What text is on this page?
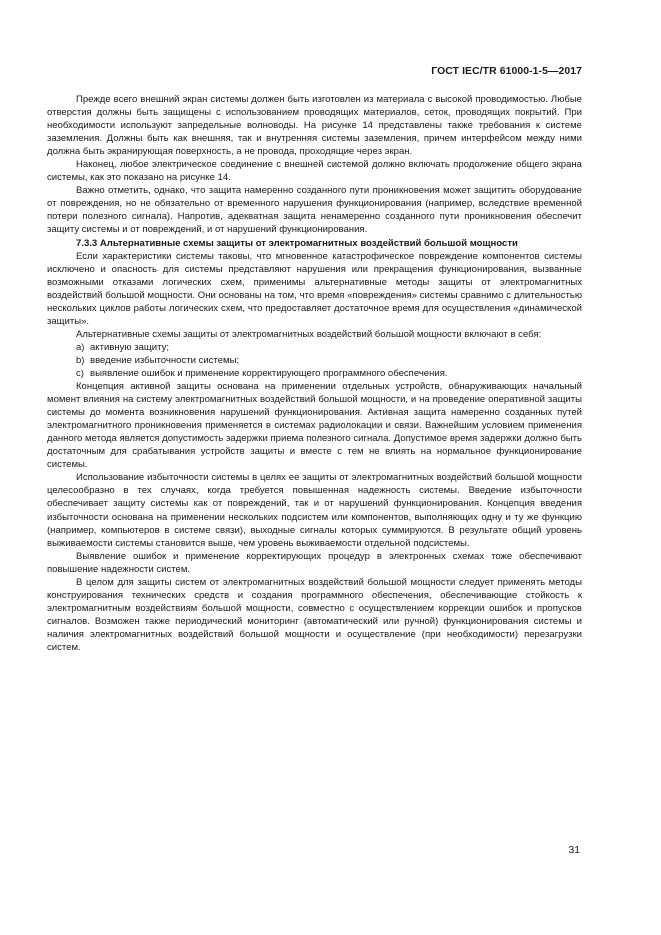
ГОСТ IEC/TR 61000-1-5—2017

Прежде всего внешний экран системы должен быть изготовлен из материала с высокой проводимостью. Любые отверстия должны быть защищены с использованием проводящих материалов, сеток, проводящих покрытий. При необходимости используют запредельные волноводы. На рисунке 14 представлены также требования к системе заземления. Должны быть как внешняя, так и внутренняя системы заземления, причем интерфейсом между ними должна быть экранирующая поверхность, а не провода, проходящие через экран.

Наконец, любое электрическое соединение с внешней системой должно включать продолжение общего экрана системы, как это показано на рисунке 14.

Важно отметить, однако, что защита намеренно созданного пути проникновения может защитить оборудование от повреждения, но не обязательно от временного нарушения функционирования (например, вследствие временной потери полезного сигнала). Напротив, адекватная защита ненамеренно созданного пути проникновения обеспечит защиту системы и от повреждений, и от нарушений функционирования.

7.3.3 Альтернативные схемы защиты от электромагнитных воздействий большой мощности

Если характеристики системы таковы, что мгновенное катастрофическое повреждение компонентов системы исключено и опасность для системы представляют нарушения или прекращения функционирования, вызванные возможными отказами логических схем, применимы альтернативные методы защиты от электромагнитных воздействий большой мощности. Они основаны на том, что время «повреждения» системы сравнимо с длительностью нескольких циклов работы логических схем, что предоставляет достаточное время для осуществления «динамической защиты».

Альтернативные схемы защиты от электромагнитных воздействий большой мощности включают в себя:

a) активную защиту;

b) введение избыточности системы;

c) выявление ошибок и применение корректирующего программного обеспечения.

Концепция активной защиты основана на применении отдельных устройств, обнаруживающих начальный момент влияния на систему электромагнитных воздействий большой мощности, и на проведение оперативной защиты системы до момента возникновения нарушений функционирования. Активная защита намеренно созданных путей электромагнитного проникновения применяется в системах радиолокации и связи. Важнейшим условием применения данного метода является допустимость задержки приема полезного сигнала. Допустимое время задержки должно быть достаточным для срабатывания устройств защиты и вместе с тем не влиять на нормальное функционирование системы.

Использование избыточности системы в целях ее защиты от электромагнитных воздействий большой мощности целесообразно в тех случаях, когда требуется повышенная надежность системы. Введение избыточности обеспечивает защиту системы как от повреждений, так и от нарушений функционирования. Концепция введения избыточности основана на применении нескольких подсистем или компонентов, выполняющих одну и ту же функцию (например, компьютеров в системе связи), выходные сигналы которых суммируются. В результате общий уровень выживаемости системы становится выше, чем уровень выживаемости отдельной подсистемы.

Выявление ошибок и применение корректирующих процедур в электронных схемах тоже обеспечивают повышение надежности систем.

В целом для защиты систем от электромагнитных воздействий большой мощности следует применять методы конструирования технических средств и создания программного обеспечения, обеспечивающие стойкость к электромагнитным воздействиям большой мощности, совместно с осуществлением коррекции ошибок и пропусков сигналов. Возможен также периодический мониторинг (автоматический или ручной) функционирования системы и наличия электромагнитных воздействий большой мощности и осуществление (при необходимости) перезагрузки систем.

31
